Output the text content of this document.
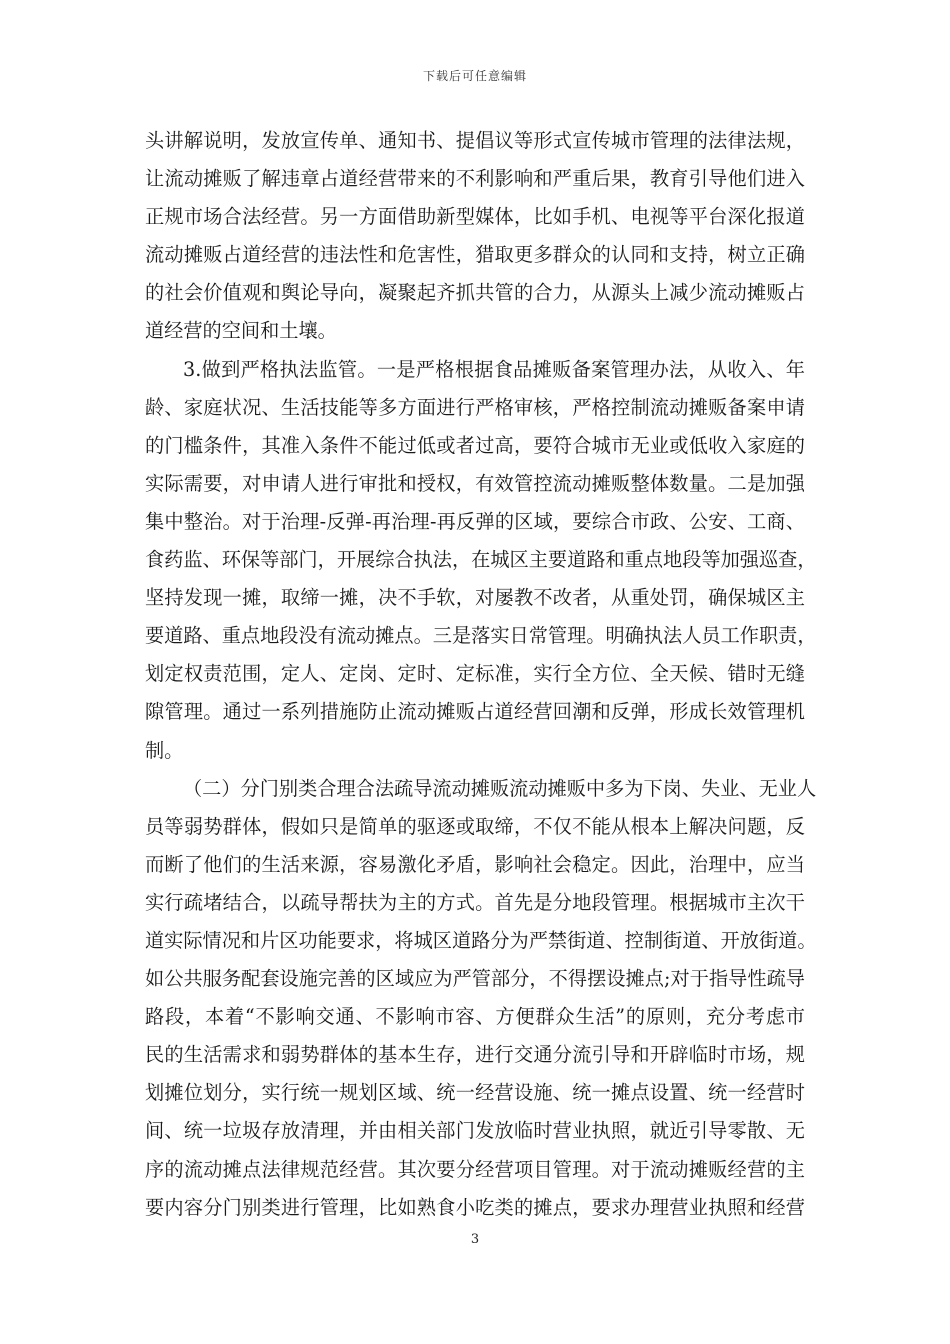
下载后可任意编辑
头讲解说明，发放宣传单、通知书、提倡议等形式宣传城市管理的法律法规，
让流动摊贩了解违章占道经营带来的不利影响和严重后果，教育引导他们进入
正规市场合法经营。另一方面借助新型媒体，比如手机、电视等平台深化报道
流动摊贩占道经营的违法性和危害性，猎取更多群众的认同和支持，树立正确
的社会价值观和舆论导向，凝聚起齐抓共管的合力，从源头上减少流动摊贩占
道经营的空间和土壤。
3.做到严格执法监管。一是严格根据食品摊贩备案管理办法，从收入、年
龄、家庭状况、生活技能等多方面进行严格审核，严格控制流动摊贩备案申请
的门槛条件，其准入条件不能过低或者过高，要符合城市无业或低收入家庭的
实际需要，对申请人进行审批和授权，有效管控流动摊贩整体数量。二是加强
集中整治。对于治理-反弹-再治理-再反弹的区域，要综合市政、公安、工商、
食药监、环保等部门，开展综合执法，在城区主要道路和重点地段等加强巡查，
坚持发现一摊，取缔一摊，决不手软，对屡教不改者，从重处罚，确保城区主
要道路、重点地段没有流动摊点。三是落实日常管理。明确执法人员工作职责，
划定权责范围，定人、定岗、定时、定标准，实行全方位、全天候、错时无缝
隙管理。通过一系列措施防止流动摊贩占道经营回潮和反弹，形成长效管理机
制。
（二）分门别类合理合法疏导流动摊贩流动摊贩中多为下岗、失业、无业人
员等弱势群体，假如只是简单的驱逐或取缔，不仅不能从根本上解决问题，反
而断了他们的生活来源，容易激化矛盾，影响社会稳定。因此，治理中，应当
实行疏堵结合，以疏导帮扶为主的方式。首先是分地段管理。根据城市主次干
道实际情况和片区功能要求，将城区道路分为严禁街道、控制街道、开放街道。
如公共服务配套设施完善的区域应为严管部分，不得摆设摊点;对于指导性疏导
路段，本着“不影响交通、不影响市容、方便群众生活”的原则，充分考虑市
民的生活需求和弱势群体的基本生存，进行交通分流引导和开辟临时市场，规
划摊位划分，实行统一规划区域、统一经营设施、统一摊点设置、统一经营时
间、统一垃圾存放清理，并由相关部门发放临时营业执照，就近引导零散、无
序的流动摊点法律规范经营。其次要分经营项目管理。对于流动摊贩经营的主
要内容分门别类进行管理，比如熟食小吃类的摊点，要求办理营业执照和经营
3
